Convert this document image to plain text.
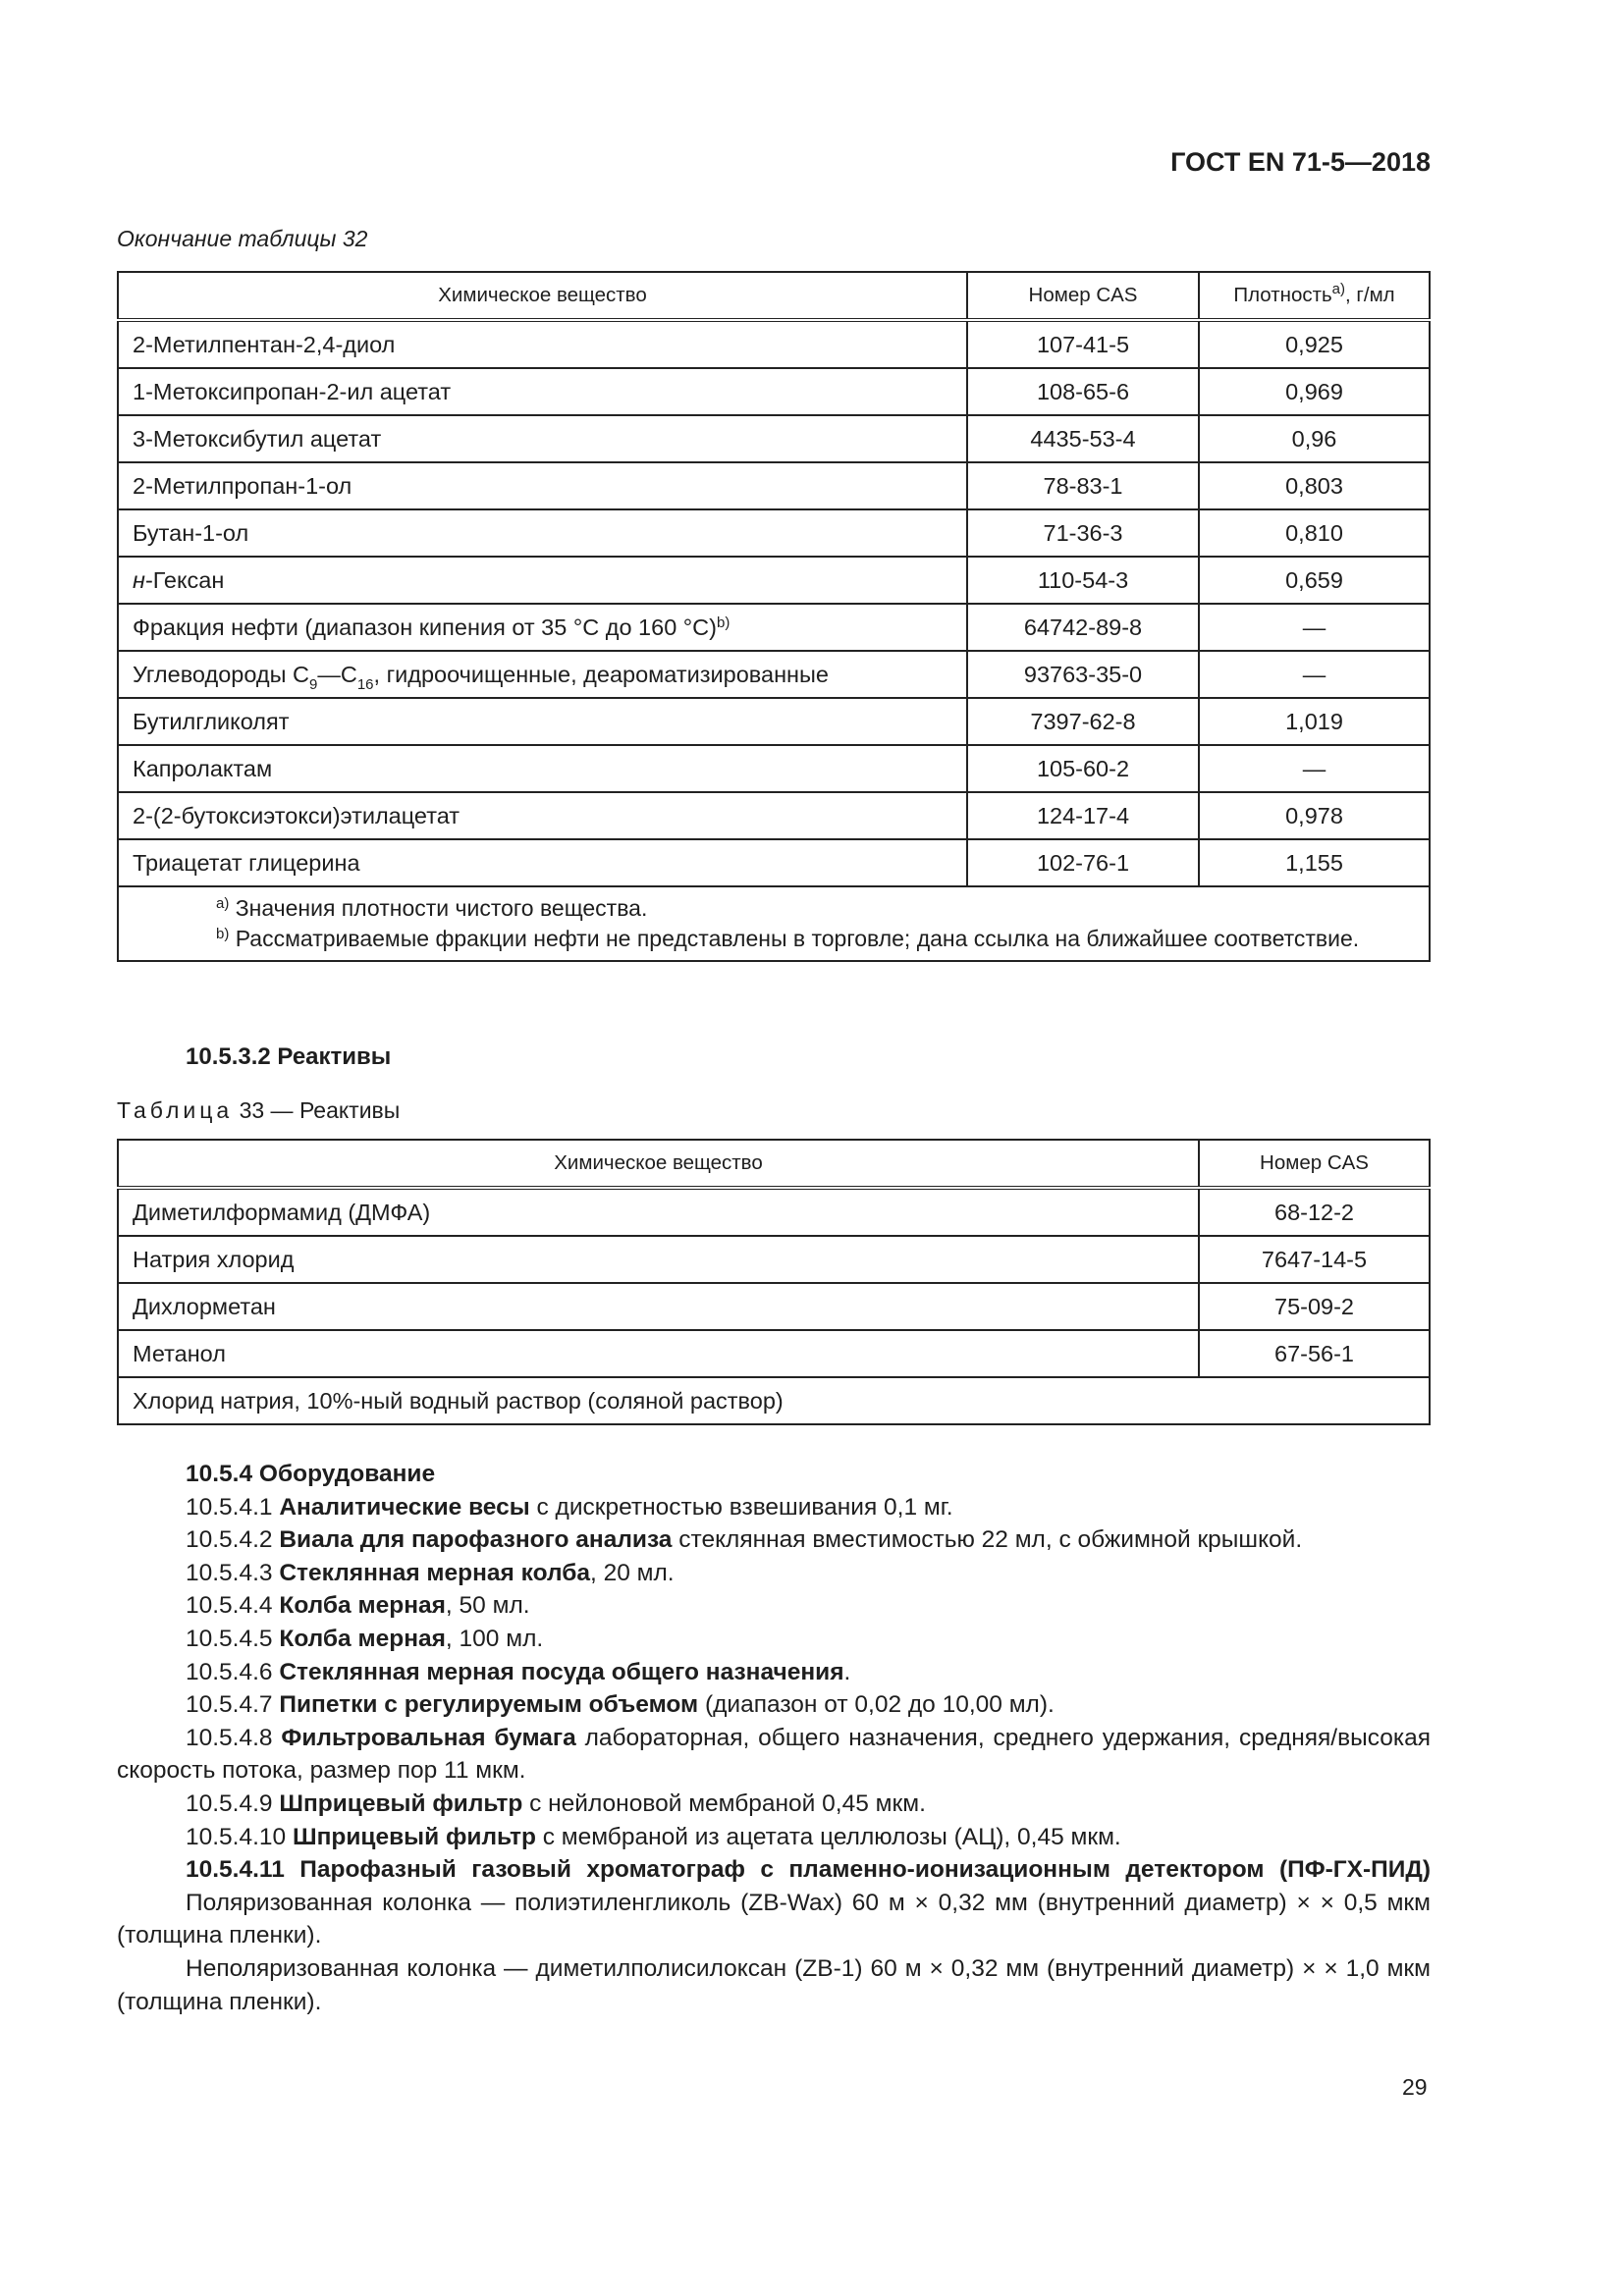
ГОСТ EN 71-5—2018
Окончание таблицы 32
Химическое вещество	Номер CAS	Плотность$^{a)}$, г/мл
2-Метилпентан-2,4-диол	107-41-5	0,925
1-Метоксипропан-2-ил ацетат	108-65-6	0,969
3-Метоксибутил ацетат	4435-53-4	0,96
2-Метилпропан-1-ол	78-83-1	0,803
Бутан-1-ол	71-36-3	0,810
н-Гексан	110-54-3	0,659
Фракция нефти (диапазон кипения от 35 °С до 160 °С)$^{b)}$	64742-89-8	—
Углеводороды $C_9—C_{16}$, гидроочищенные, деароматизированные	93763-35-0	—
Бутилгликолят	7397-62-8	1,019
Капролактам	105-60-2	—
2-(2-бутоксиэтокси)этилацетат	124-17-4	0,978
Триацетат глицерина	102-76-1	1,155

$^{a)}$ Значения плотности чистого вещества.
$^{b)}$ Рассматриваемые фракции нефти не представлены в торговле; дана ссылка на ближайшее соответствие.		
10.5.3.2 Реактивы
Таблица 33 — Реактивы
Химическое вещество	Номер CAS
Диметилформамид (ДМФА)	68-12-2
Натрия хлорид	7647-14-5
Дихлорметан	75-09-2
Метанол	67-56-1
Хлорид натрия, 10%-ный водный раствор (соляной раствор)	

10.5.4 Оборудование

10.5.4.1 Аналитические весы с дискретностью взвешивания 0,1 мг.

10.5.4.2 Виала для парофазного анализа стеклянная вместимостью 22 мл, с обжимной крышкой.

10.5.4.3 Стеклянная мерная колба, 20 мл.

10.5.4.4 Колба мерная, 50 мл.

10.5.4.5 Колба мерная, 100 мл.

10.5.4.6 Стеклянная мерная посуда общего назначения.

10.5.4.7 Пипетки с регулируемым объемом (диапазон от 0,02 до 10,00 мл).

10.5.4.8 Фильтровальная бумага лабораторная, общего назначения, среднего удержания, средняя/высокая скорость потока, размер пор 11 мкм.

10.5.4.9 Шприцевый фильтр с нейлоновой мембраной 0,45 мкм.

10.5.4.10 Шприцевый фильтр с мембраной из ацетата целлюлозы (АЦ), 0,45 мкм.

10.5.4.11 Парофазный газовый хроматограф с пламенно-ионизационным детектором (ПФ-ГХ-ПИД)

Поляризованная колонка — полиэтиленгликоль (ZB-Wax) 60 м × 0,32 мм (внутренний диаметр) × × 0,5 мкм (толщина пленки).

Неполяризованная колонка — диметилполисилоксан (ZB-1) 60 м × 0,32 мм (внутренний диаметр) × × 1,0 мкм (толщина пленки).

29
